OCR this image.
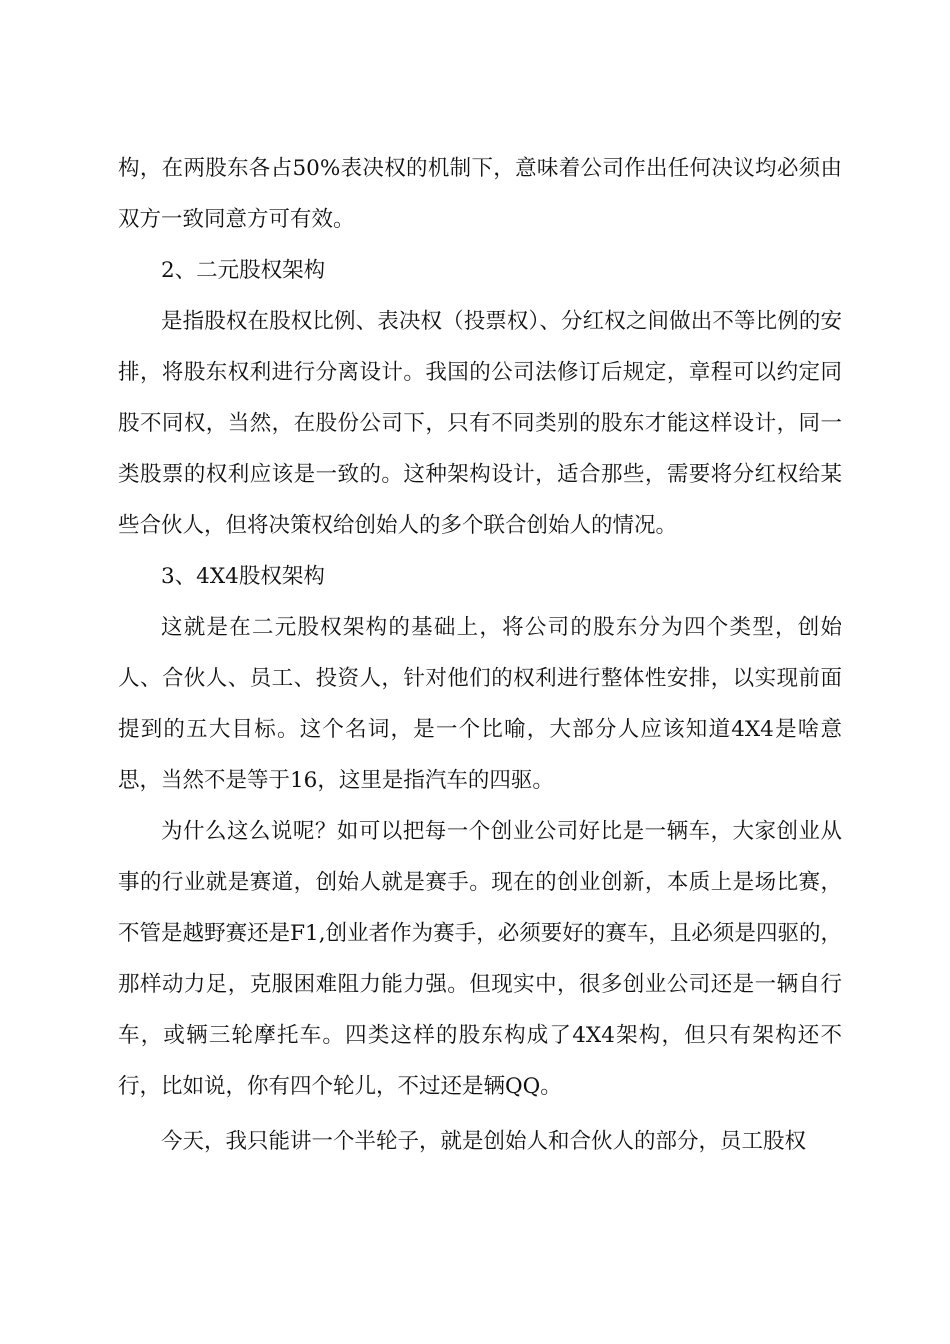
构，在两股东各占50%表决权的机制下，意味着公司作出任何决议均必须由双方一致同意方可有效。

2、二元股权架构

是指股权在股权比例、表决权（投票权）、分红权之间做出不等比例的安排，将股东权利进行分离设计。我国的公司法修订后规定，章程可以约定同股不同权，当然，在股份公司下，只有不同类别的股东才能这样设计，同一类股票的权利应该是一致的。这种架构设计，适合那些，需要将分红权给某些合伙人，但将决策权给创始人的多个联合创始人的情况。

3、4X4股权架构

这就是在二元股权架构的基础上，将公司的股东分为四个类型，创始人、合伙人、员工、投资人，针对他们的权利进行整体性安排，以实现前面提到的五大目标。这个名词，是一个比喻，大部分人应该知道4X4是啥意思，当然不是等于16，这里是指汽车的四驱。

为什么这么说呢？如可以把每一个创业公司好比是一辆车，大家创业从事的行业就是赛道，创始人就是赛手。现在的创业创新，本质上是场比赛，不管是越野赛还是F1,创业者作为赛手，必须要好的赛车，且必须是四驱的，那样动力足，克服困难阻力能力强。但现实中，很多创业公司还是一辆自行车，或辆三轮摩托车。四类这样的股东构成了4X4架构，但只有架构还不行，比如说，你有四个轮儿，不过还是辆QQ。

今天，我只能讲一个半轮子，就是创始人和合伙人的部分，员工股权
